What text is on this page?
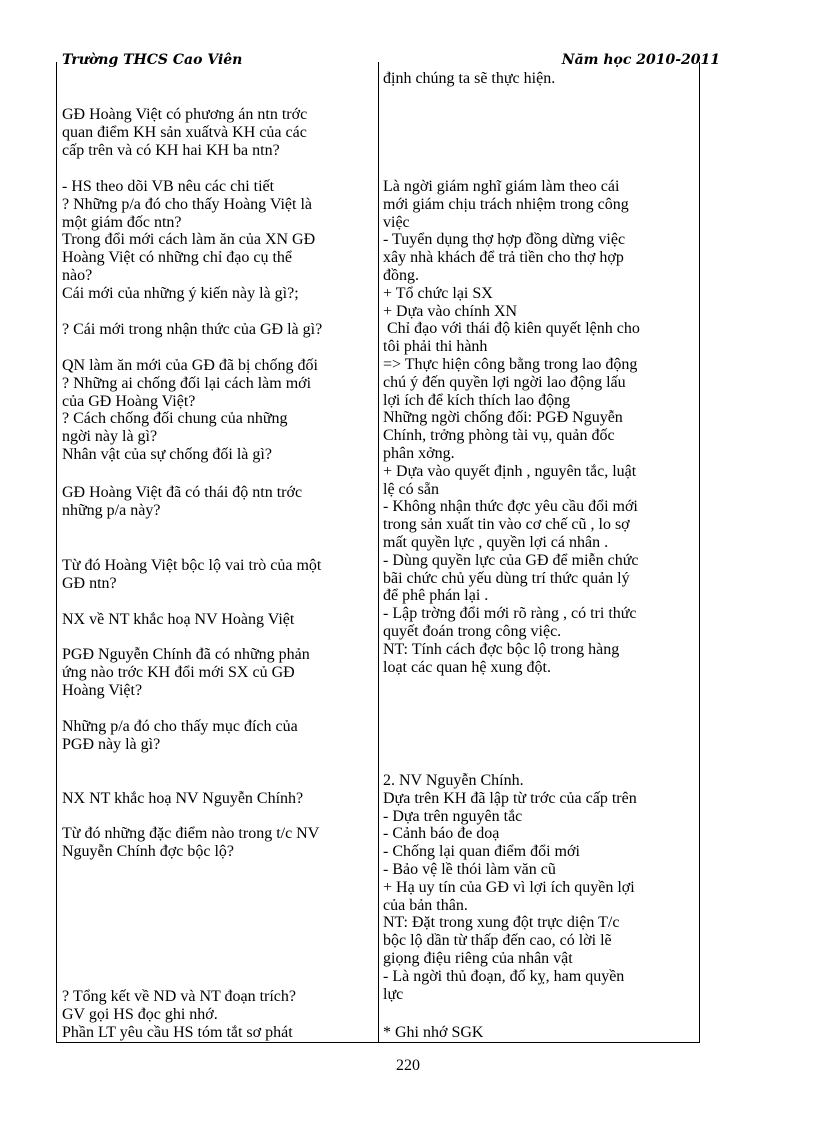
Trường THCS Cao Viên	Năm học 2010-2011
GĐ Hoàng Việt có phương án ntn trớc
quan điểm KH sản xuấtvà KH của các
cấp trên và có KH hai KH ba ntn?
- HS theo dõi VB nêu các chi tiết
? Những p/a đó cho thấy Hoàng Việt là
một giám đốc ntn?
Trong đổi mới cách làm ăn của XN GĐ
Hoàng Việt có những chỉ đạo cụ thể
nào?
Cái mới của những ý kiến này là gì?;
? Cái mới trong nhận thức của GĐ là gì?
QN làm ăn mới của GĐ đã bị chống đối
? Những ai chống đối lại cách làm mới
của GĐ Hoàng Việt?
? Cách chống đối chung của những
ngời này là gì?
Nhân vật của sự chống đối là gì?
GĐ Hoàng Việt đã có thái độ ntn trớc
những p/a này?
Từ đó Hoàng Việt bộc lộ vai trò của một
GĐ ntn?
NX về NT khắc hoạ NV Hoàng Việt
PGĐ Nguyễn Chính đã có những phản
ứng nào trớc KH đổi mới SX củ GĐ
Hoàng Việt?
Những p/a đó cho thấy mục đích của
PGĐ này là gì?
NX NT khắc hoạ NV Nguyễn Chính?
Từ đó những đặc điểm nào trong t/c NV
Nguyễn Chính đợc bộc lộ?
? Tổng kết về ND và NT đoạn trích?
GV gọi HS đọc ghi nhớ.
Phần LT yêu cầu HS tóm tắt sơ phát
định chúng ta sẽ thực hiện.
Là ngời giám nghĩ giám làm theo cái
mới giám chịu trách nhiệm trong công
việc
- Tuyển dụng thợ hợp đồng dừng việc
xây nhà khách để trả tiền cho thợ hợp
đồng.
+ Tổ chức lại SX
+ Dựa vào chính XN
Chỉ đạo với thái độ kiên quyết lệnh cho
tôi phải thi hành
=> Thực hiện công bằng trong lao động
chú ý đến quyền lợi ngời lao động lấu
lợi ích để kích thích lao động
Những ngời chống đối: PGĐ Nguyễn
Chính, trởng phòng tài vụ, quản đốc
phân xởng.
+ Dựa vào quyết định , nguyên tắc, luật
lệ có sẵn
- Không nhận thức đợc yêu cầu đổi mới
trong sản xuất tin vào cơ chế cũ , lo sợ
mất quyền lực , quyền lợi cá nhân .
- Dùng quyền lực của GĐ để miễn chức
bãi chức chủ yếu dùng trí thức quản lý
để phê phán lại .
- Lập trờng đổi mới rõ ràng , có tri thức
quyết đoán trong công việc.
NT: Tính cách đợc bộc lộ trong hàng
loạt các quan hệ xung đột.
2. NV Nguyễn Chính.
Dựa trên KH đã lập từ trớc của cấp trên
- Dựa trên nguyên tắc
- Cảnh báo đe doạ
- Chống lại quan điểm đổi mới
- Bảo vệ lề thói làm văn cũ
+ Hạ uy tín của GĐ vì lợi ích quyền lợi
của bản thân.
NT: Đặt trong xung đột trực diện T/c
bộc lộ dần từ thấp đến cao, có lời lẽ
giọng điệu riêng của nhân vật
- Là ngời thủ đoạn, đố kỵ, ham quyền
lực
* Ghi nhớ SGK
220
